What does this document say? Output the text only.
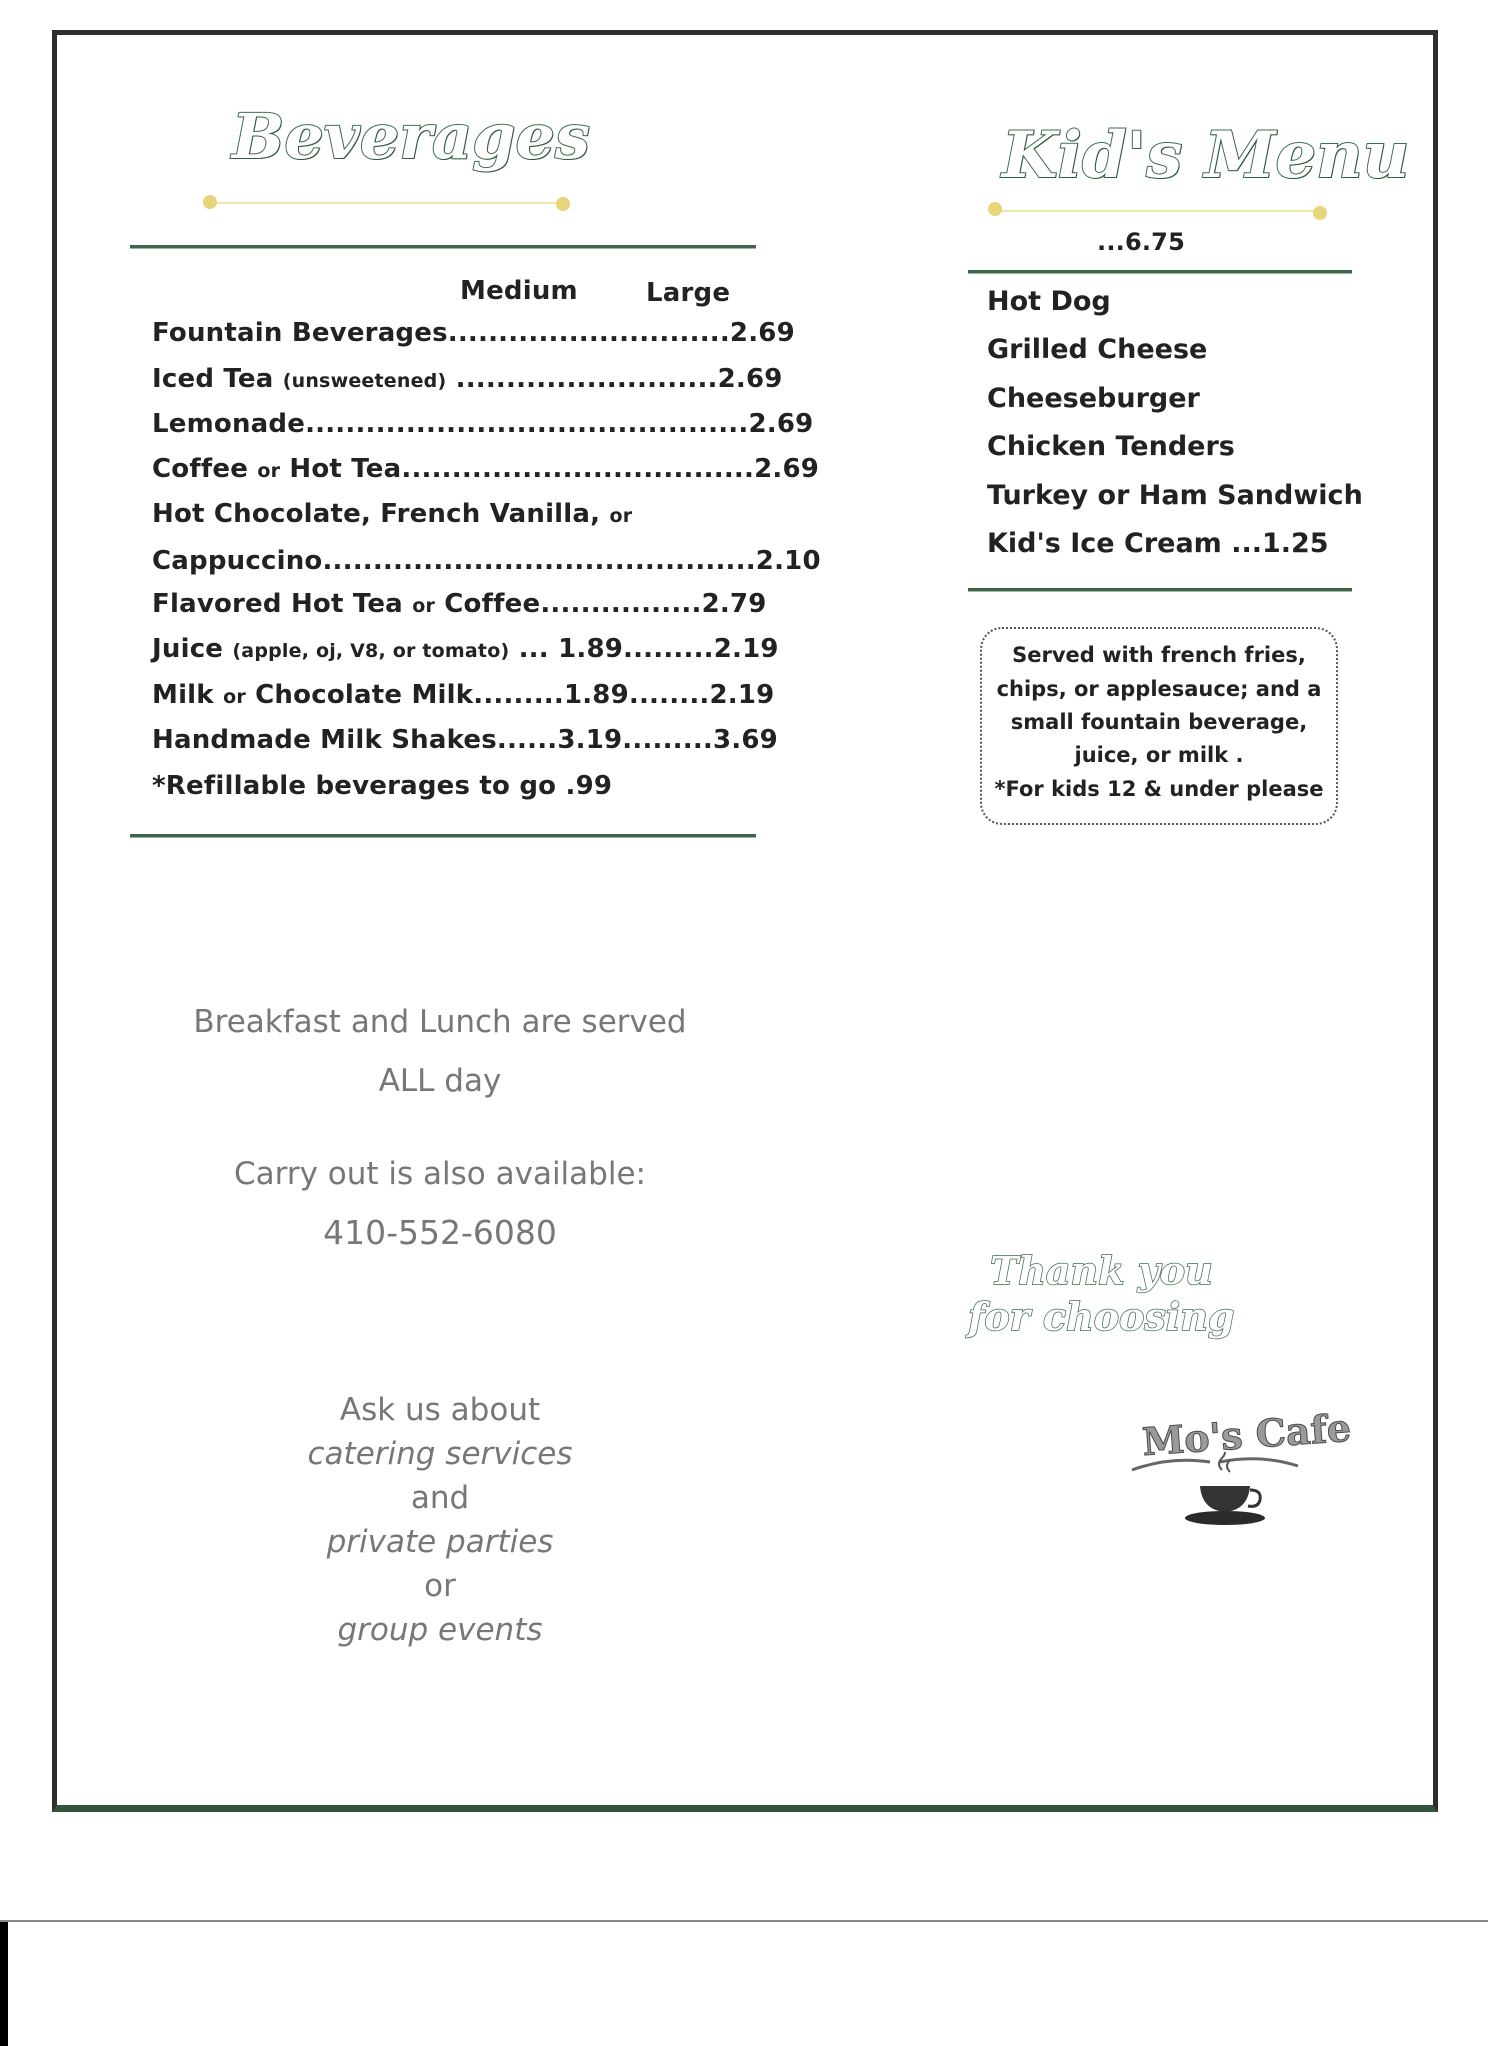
Beverages
Medium	Large
Fountain Beverages............................2.69
Iced Tea (unsweetened) ..........................2.69
Lemonade............................................2.69
Coffee or Hot Tea...................................2.69
Hot Chocolate, French Vanilla, or
Cappuccino...........................................2.10
Flavored Hot Tea or Coffee................2.79
Juice (apple, oj, V8, or tomato) ... 1.89.........2.19
Milk or Chocolate Milk.........1.89........2.19
Handmade Milk Shakes......3.19.........3.69
*Refillable beverages to go .99
Kid's Menu
...6.75
Hot Dog
Grilled Cheese
Cheeseburger
Chicken Tenders
Turkey or Ham Sandwich
Kid's Ice Cream ...1.25
Served with french fries,
chips, or applesauce; and a
small fountain beverage,
juice, or milk .
*For kids 12 & under please
Breakfast and Lunch are served
ALL day
Carry out is also available:
410-552-6080
Ask us about
catering services
and
private parties
or
group events
Thank you
for choosing
Mo's Cafe
